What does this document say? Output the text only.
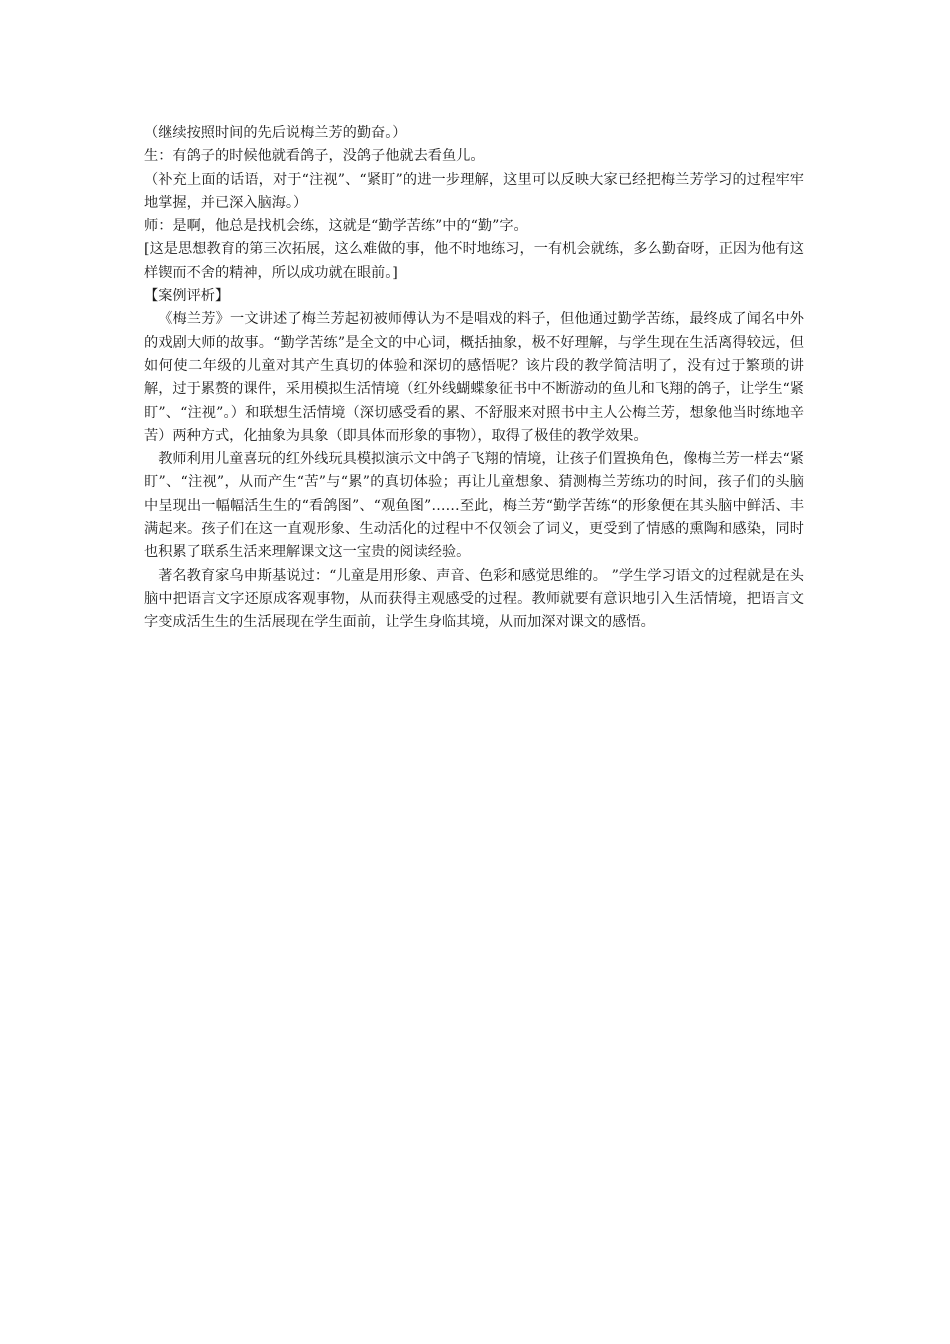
（继续按照时间的先后说梅兰芳的勤奋。）

生：有鸽子的时候他就看鸽子，没鸽子他就去看鱼儿。

（补充上面的话语，对于“注视”、“紧盯”的进一步理解，这里可以反映大家已经把梅兰芳学习的过程牢牢地掌握，并已深入脑海。）

师：是啊，他总是找机会练，这就是“勤学苦练”中的“勤”字。

[这是思想教育的第三次拓展，这么难做的事，他不时地练习，一有机会就练，多么勤奋呀，正因为他有这样锲而不舍的精神，所以成功就在眼前。]

【案例评析】

《梅兰芳》一文讲述了梅兰芳起初被师傅认为不是唱戏的料子，但他通过勤学苦练，最终成了闻名中外的戏剧大师的故事。“勤学苦练”是全文的中心词，概括抽象，极不好理解，与学生现在生活离得较远，但如何使二年级的儿童对其产生真切的体验和深切的感悟呢？该片段的教学简洁明了，没有过于繁琐的讲解，过于累赘的课件，采用模拟生活情境（红外线蝴蝶象征书中不断游动的鱼儿和飞翔的鸽子，让学生“紧盯”、“注视”。）和联想生活情境（深切感受看的累、不舒服来对照书中主人公梅兰芳，想象他当时练地辛苦）两种方式，化抽象为具象（即具体而形象的事物），取得了极佳的教学效果。

教师利用儿童喜玩的红外线玩具模拟演示文中鸽子飞翔的情境，让孩子们置换角色，像梅兰芳一样去“紧盯”、“注视”，从而产生“苦”与“累”的真切体验；再让儿童想象、猜测梅兰芳练功的时间，孩子们的头脑中呈现出一幅幅活生生的“看鸽图”、“观鱼图”……至此，梅兰芳“勤学苦练“的形象便在其头脑中鲜活、丰满起来。孩子们在这一直观形象、生动活化的过程中不仅领会了词义，更受到了情感的熏陶和感染，同时也积累了联系生活来理解课文这一宝贵的阅读经验。

著名教育家乌申斯基说过：“儿童是用形象、声音、色彩和感觉思维的。 ”学生学习语文的过程就是在头脑中把语言文字还原成客观事物，从而获得主观感受的过程。教师就要有意识地引入生活情境，把语言文字变成活生生的生活展现在学生面前，让学生身临其境，从而加深对课文的感悟。
